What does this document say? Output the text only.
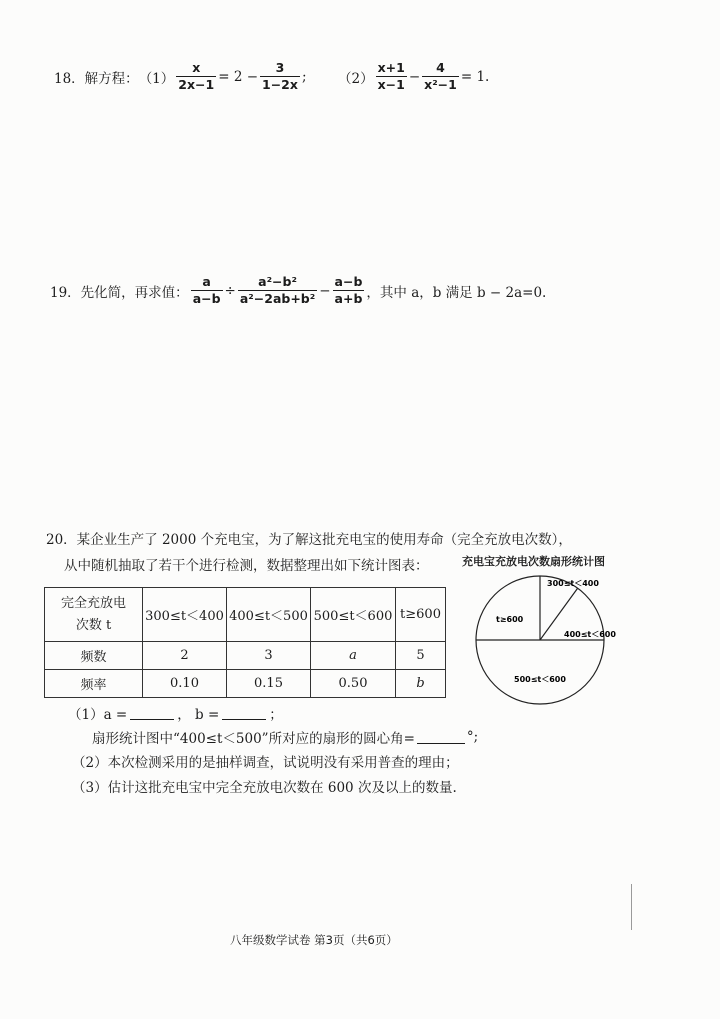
18．解方程： $(1) \frac{x}{2x-1} = 2 - \frac{3}{1-2x}$ ; $(2) \frac{x+1}{x-1} - \frac{4}{\text{x²−1}} = 1$.
19．先化简，再求值： $\frac{a}{a-b} \div \frac{\text{a²−b²}}{\text{a²−2ab+b²}} - \frac{a-b}{a+b}$ ，其中 a，b 满足 b − 2a=0.
20．某企业生产了 2000 个充电宝，为了解这批充电宝的使用寿命（完全充放电次数），
从中随机抽取了若干个进行检测，数据整理出如下统计图表：	充电宝充放电次数扇形统计图
完全充放电
次数 t	300≤t＜400	400≤t＜500	500≤t＜600	t≥600
频数	2	3	a	5
频率	0.10	0.15	0.50	b
300≤t＜400
400≤t＜600
500≤t＜600
t≥600
（1）a =	， b =	；
扇形统计图中“400≤t＜500”所对应的扇形的圆心角=	°;
（2）本次检测采用的是抽样调查，试说明没有采用普查的理由；
（3）估计这批充电宝中完全充放电次数在 600 次及以上的数量.
八年级数学试卷 第3页（共6页）
